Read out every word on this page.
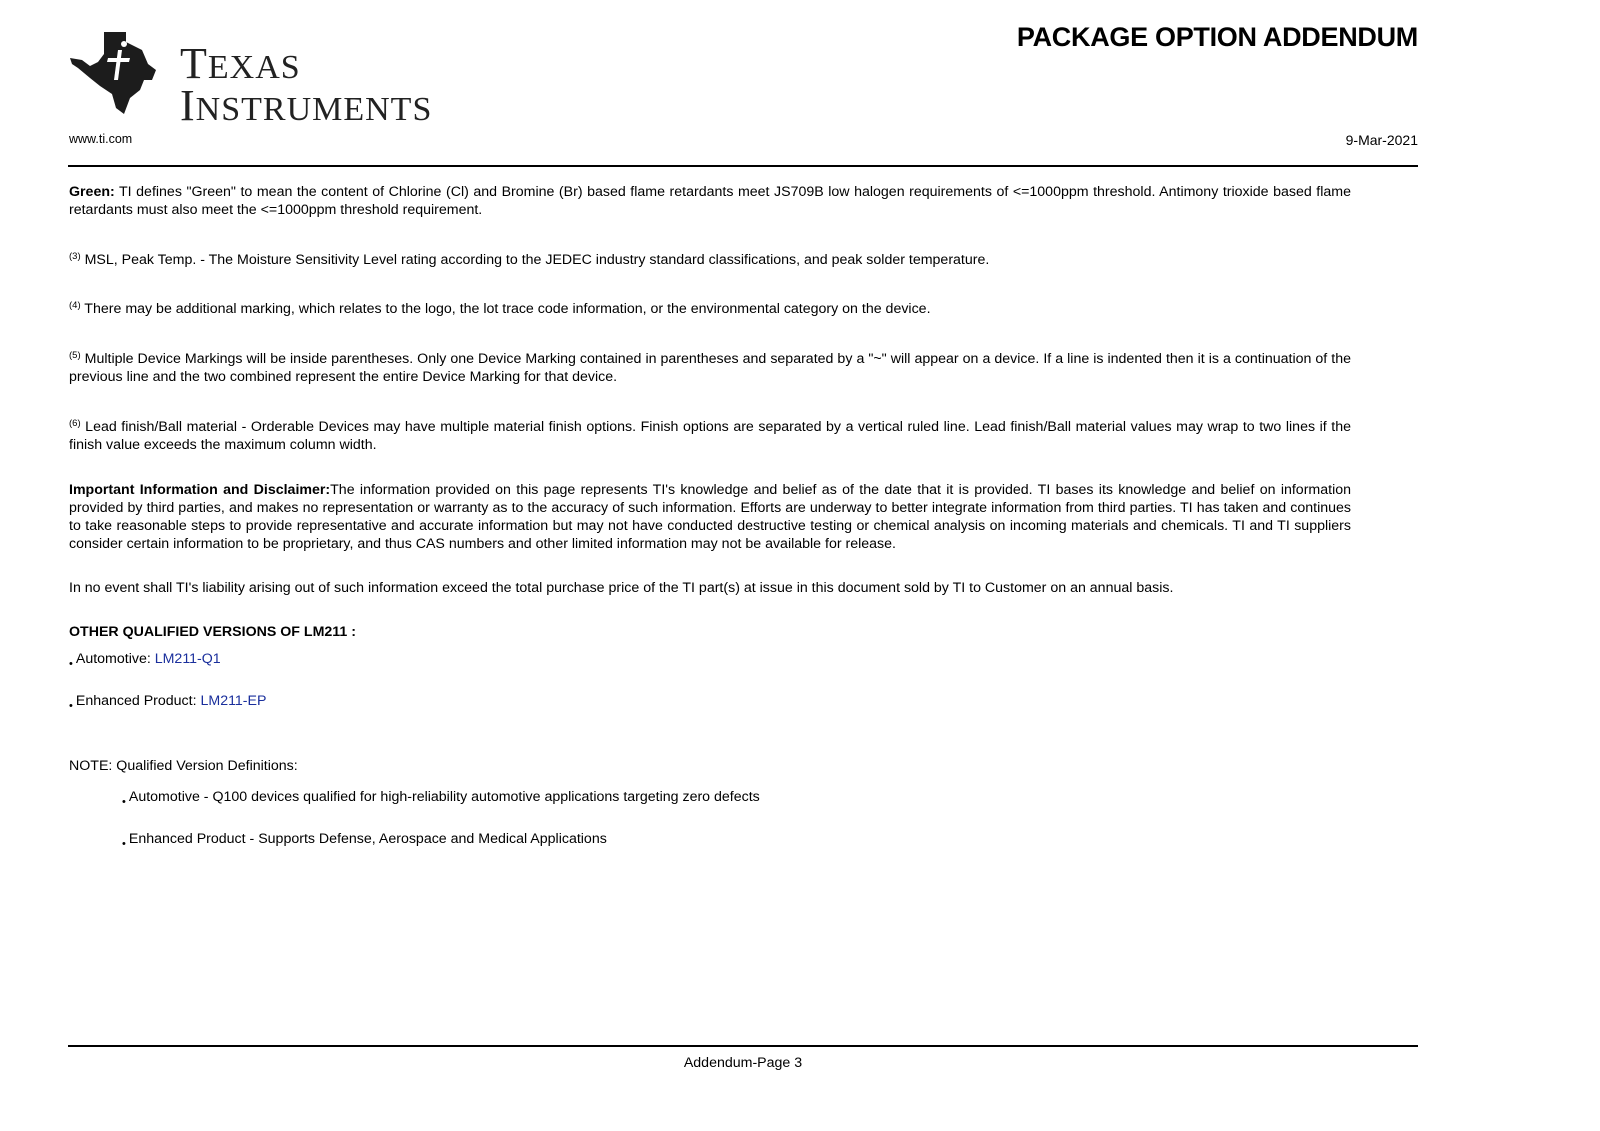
TEXAS
INSTRUMENTS
PACKAGE OPTION ADDENDUM
www.ti.com	9-Mar-2021

Green: TI defines "Green" to mean the content of Chlorine (Cl) and Bromine (Br) based flame retardants meet JS709B low halogen requirements of <=1000ppm threshold. Antimony trioxide based flame retardants must also meet the <=1000ppm threshold requirement.

$^{(3)}$ MSL, Peak Temp. - The Moisture Sensitivity Level rating according to the JEDEC industry standard classifications, and peak solder temperature.

$^{(4)}$ There may be additional marking, which relates to the logo, the lot trace code information, or the environmental category on the device.

$^{(5)}$ Multiple Device Markings will be inside parentheses. Only one Device Marking contained in parentheses and separated by a "~" will appear on a device. If a line is indented then it is a continuation of the previous line and the two combined represent the entire Device Marking for that device.

$^{(6)}$ Lead finish/Ball material - Orderable Devices may have multiple material finish options. Finish options are separated by a vertical ruled line. Lead finish/Ball material values may wrap to two lines if the finish value exceeds the maximum column width.

Important Information and Disclaimer:The information provided on this page represents TI's knowledge and belief as of the date that it is provided. TI bases its knowledge and belief on information provided by third parties, and makes no representation or warranty as to the accuracy of such information. Efforts are underway to better integrate information from third parties. TI has taken and continues to take reasonable steps to provide representative and accurate information but may not have conducted destructive testing or chemical analysis on incoming materials and chemicals. TI and TI suppliers consider certain information to be proprietary, and thus CAS numbers and other limited information may not be available for release.

In no event shall TI's liability arising out of such information exceed the total purchase price of the TI part(s) at issue in this document sold by TI to Customer on an annual basis.

OTHER QUALIFIED VERSIONS OF LM211 :
• Automotive: LM211-Q1
• Enhanced Product: LM211-EP
NOTE: Qualified Version Definitions:
• Automotive - Q100 devices qualified for high-reliability automotive applications targeting zero defects
• Enhanced Product - Supports Defense, Aerospace and Medical Applications
Addendum-Page 3
